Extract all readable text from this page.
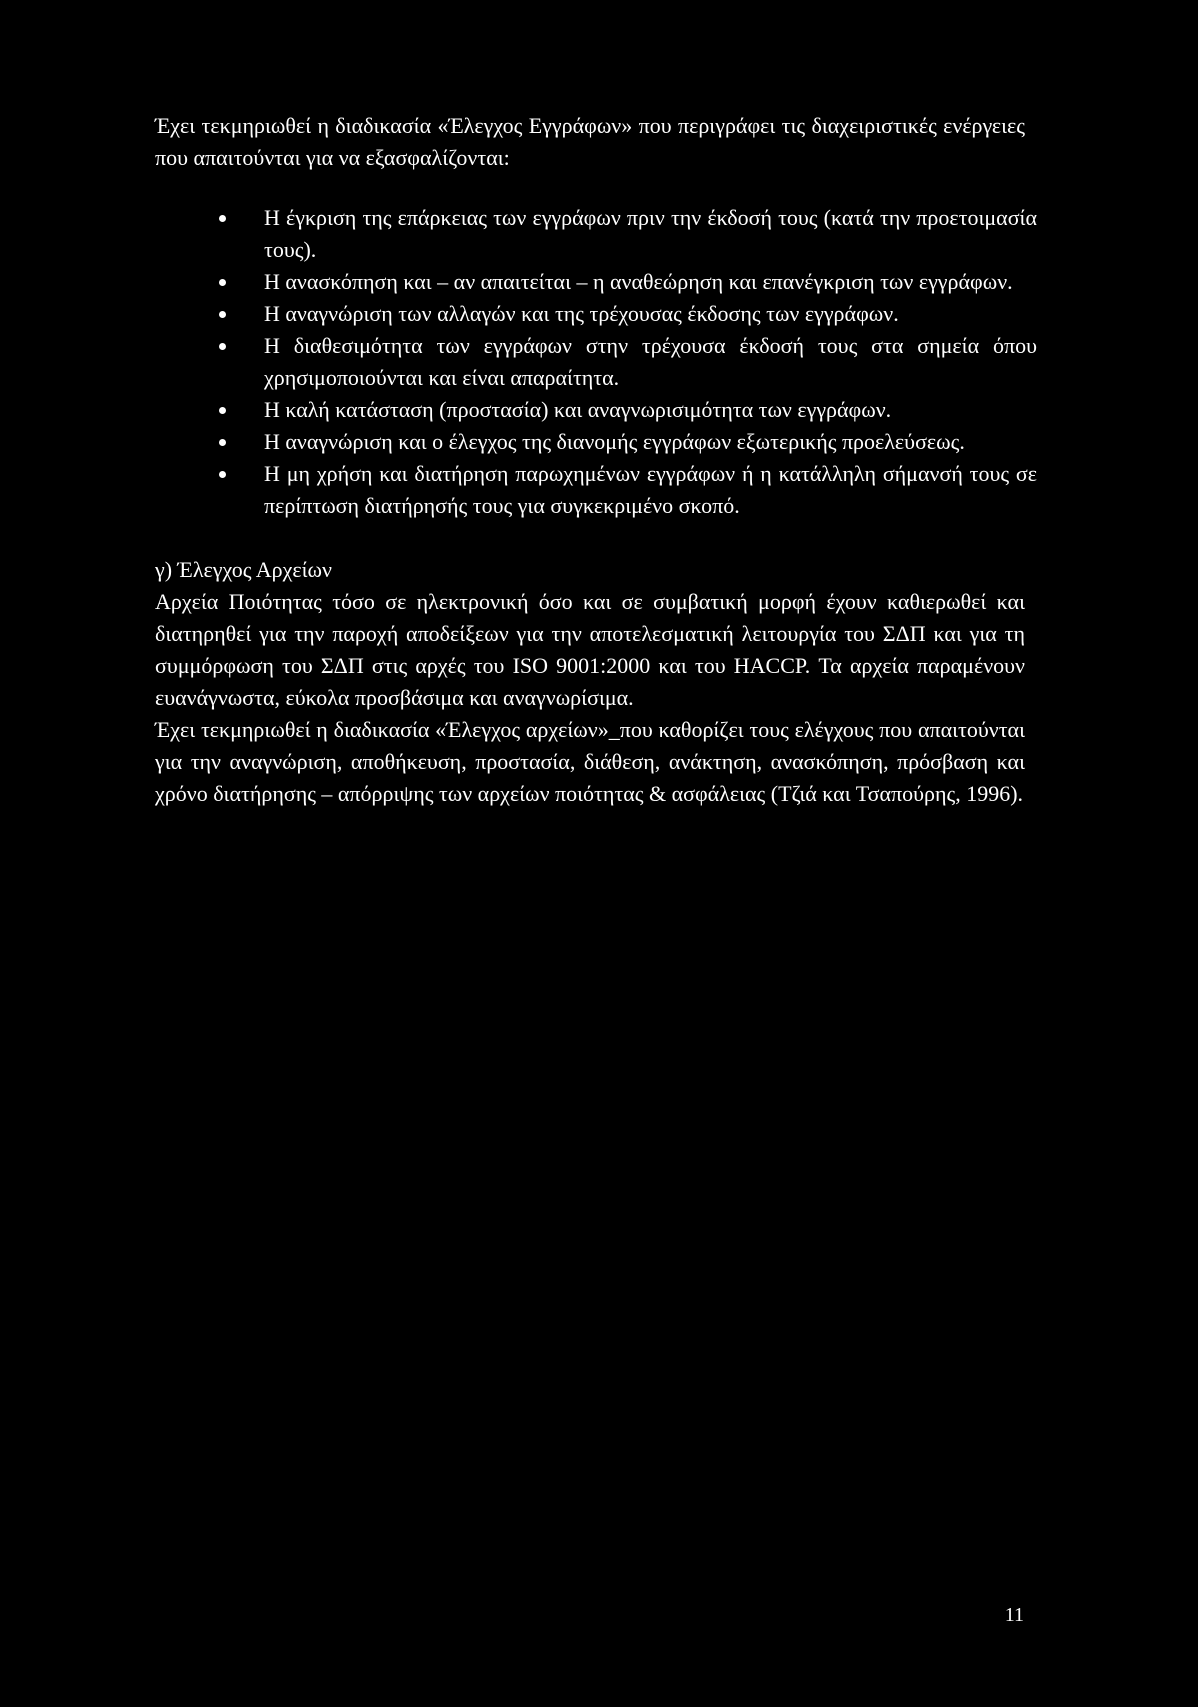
Έχει τεκμηριωθεί η διαδικασία «Έλεγχος Εγγράφων» που περιγράφει τις διαχειριστικές ενέργειες που απαιτούνται για να εξασφαλίζονται:

Η έγκριση της επάρκειας των εγγράφων πριν την έκδοσή τους (κατά την προετοιμασία τους).
Η ανασκόπηση και – αν απαιτείται – η αναθεώρηση και επανέγκριση των εγγράφων.
Η αναγνώριση των αλλαγών και της τρέχουσας έκδοσης των εγγράφων.
Η διαθεσιμότητα των εγγράφων στην τρέχουσα έκδοσή τους στα σημεία όπου χρησιμοποιούνται και είναι απαραίτητα.
Η καλή κατάσταση (προστασία) και αναγνωρισιμότητα των εγγράφων.
Η αναγνώριση και ο έλεγχος της διανομής εγγράφων εξωτερικής προελεύσεως.
Η μη χρήση και διατήρηση παρωχημένων εγγράφων ή η κατάλληλη σήμανσή τους σε περίπτωση διατήρησής τους για συγκεκριμένο σκοπό.

γ) Έλεγχος Αρχείων

Αρχεία Ποιότητας τόσο σε ηλεκτρονική όσο και σε συμβατική μορφή έχουν καθιερωθεί και διατηρηθεί για την παροχή αποδείξεων για την αποτελεσματική λειτουργία του ΣΔΠ και για τη συμμόρφωση του ΣΔΠ στις αρχές του ISO 9001:2000 και του HACCP. Τα αρχεία παραμένουν ευανάγνωστα, εύκολα προσβάσιμα και αναγνωρίσιμα.

Έχει τεκμηριωθεί η διαδικασία «Έλεγχος αρχείων»_που καθορίζει τους ελέγχους που απαιτούνται για την αναγνώριση, αποθήκευση, προστασία, διάθεση, ανάκτηση, ανασκόπηση, πρόσβαση και χρόνο διατήρησης – απόρριψης των αρχείων ποιότητας & ασφάλειας (Τζιά και Τσαπούρης, 1996).

11
